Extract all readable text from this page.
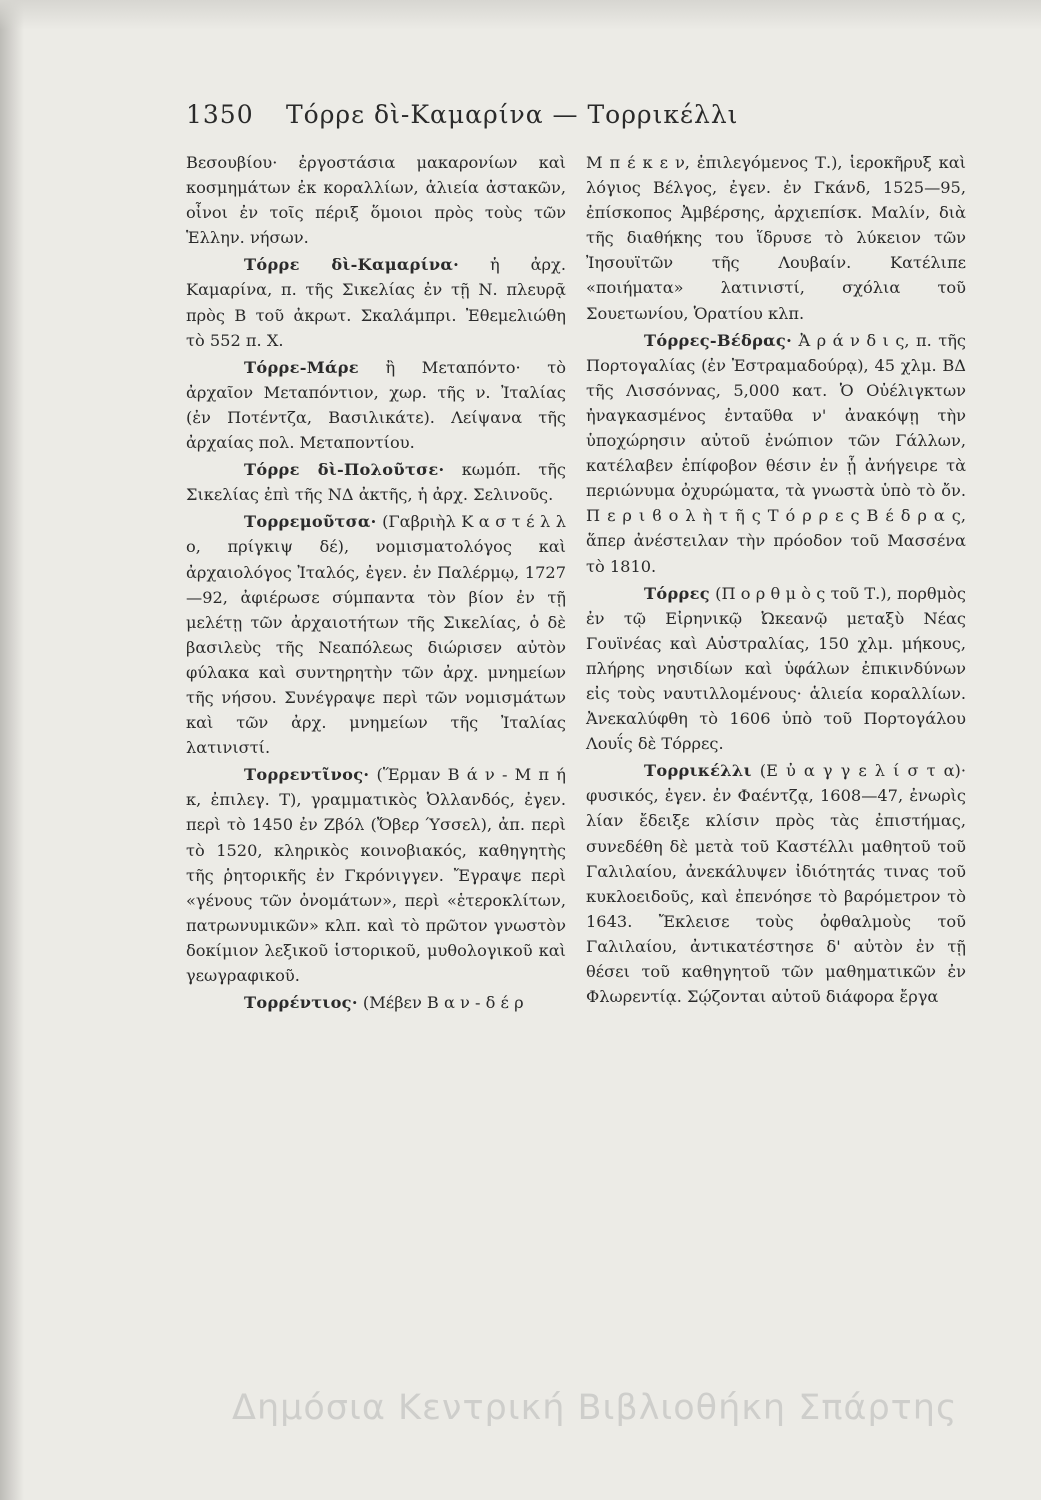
1350 Τόρρε δὶ-Καμαρίνα — Τορρικέλλι

Βεσουβίου· ἐργοστάσια μακαρονίων καὶ κοσμημάτων ἐκ κοραλλίων, ἁλιεία ἀστακῶν, οἶνοι ἐν τοῖς πέριξ ὅμοιοι πρὸς τοὺς τῶν Ἑλλην. νήσων.

Τόρρε δὶ-Καμαρίνα· ἡ ἀρχ. Καμαρίνα, π. τῆς Σικελίας ἐν τῇ Ν. πλευρᾷ πρὸς Β τοῦ ἀκρωτ. Σκαλάμπρι. Ἐθεμελιώθη τὸ 552 π. Χ.

Τόρρε-Μάρε ἢ Μεταπόντο· τὸ ἀρχαῖον Μεταπόντιον, χωρ. τῆς ν. Ἰταλίας (ἐν Ποτέντζα, Βασιλικάτε). Λείψανα τῆς ἀρχαίας πολ. Μεταποντίου.

Τόρρε δὶ-Πολοῦτσε· κωμόπ. τῆς Σικελίας ἐπὶ τῆς ΝΔ ἀκτῆς, ἡ ἀρχ. Σελινοῦς.

Τορρεμοῦτσα· (Γαβριὴλ Κ α σ τ έ λ λ ο, πρίγκιψ δέ), νομισματολόγος καὶ ἀρχαιολόγος Ἰταλός, ἐγεν. ἐν Παλέρμῳ, 1727—92, ἀφιέρωσε σύμπαντα τὸν βίον ἐν τῇ μελέτῃ τῶν ἀρχαιοτήτων τῆς Σικελίας, ὁ δὲ βασιλεὺς τῆς Νεαπόλεως διώρισεν αὐτὸν φύλακα καὶ συντηρητὴν τῶν ἀρχ. μνημείων τῆς νήσου. Συνέγραψε περὶ τῶν νομισμάτων καὶ τῶν ἀρχ. μνημείων τῆς Ἰταλίας λατινιστί.

Τορρεντῖνος· (Ἕρμαν Β ά ν - Μ π ή κ, ἐπιλεγ. Τ), γραμματικὸς Ὀλλανδός, ἐγεν. περὶ τὸ 1450 ἐν Ζβόλ (Ὄβερ Ύσσελ), ἀπ. περὶ τὸ 1520, κληρικὸς κοινοβιακός, καθηγητὴς τῆς ῥητορικῆς ἐν Γκρόνιγγεν. Ἔγραψε περὶ «γένους τῶν ὀνομάτων», περὶ «ἑτεροκλίτων, πατρωνυμικῶν» κλπ. καὶ τὸ πρῶτον γνωστὸν δοκίμιον λεξικοῦ ἱστορικοῦ, μυθολογικοῦ καὶ γεωγραφικοῦ.

Τορρέντιος· (Μέβεν Β α ν - δ έ ρ

Μ π έ κ ε ν, ἐπιλεγόμενος Τ.), ἱεροκῆρυξ καὶ λόγιος Βέλγος, ἐγεν. ἐν Γκάνδ, 1525—95, ἐπίσκοπος Ἀμβέρσης, ἀρχιεπίσκ. Μαλίν, διὰ τῆς διαθήκης του ἵδρυσε τὸ λύκειον τῶν Ἰησουϊτῶν τῆς Λουβαίν. Κατέλιπε «ποιήματα» λατινιστί, σχόλια τοῦ Σουετωνίου, Ὁρατίου κλπ.

Τόρρες-Βέδρας· Ἀ ρ ά ν δ ι ς, π. τῆς Πορτογαλίας (ἐν Ἐστραμαδούρᾳ), 45 χλμ. ΒΔ τῆς Λισσόννας, 5,000 κατ. Ὁ Οὐέλιγκτων ἠναγκασμένος ἐνταῦθα ν' ἀνακόψῃ τὴν ὑποχώρησιν αὐτοῦ ἐνώπιον τῶν Γάλλων, κατέλαβεν ἐπίφοβον θέσιν ἐν ᾗ ἀνήγειρε τὰ περιώνυμα ὀχυρώματα, τὰ γνωστὰ ὑπὸ τὸ ὄν. Π ε ρ ι ϐ ο λ ὴ τ ῆ ς Τ ό ρ ρ ε ς Β έ δ ρ α ς, ἅπερ ἀνέστειλαν τὴν πρόοδον τοῦ Μασσένα τὸ 1810.

Τόρρες (Π ο ρ θ μ ὸ ς τοῦ Τ.), πορθμὸς ἐν τῷ Εἰρηνικῷ Ὠκεανῷ μεταξὺ Νέας Γουϊνέας καὶ Αὐστραλίας, 150 χλμ. μήκους, πλήρης νησιδίων καὶ ὑφάλων ἐπικινδύνων εἰς τοὺς ναυτιλλομένους· ἁλιεία κοραλλίων. Ἀνεκαλύφθη τὸ 1606 ὑπὸ τοῦ Πορτογάλου Λουΐς δὲ Τόρρες.

Τορρικέλλι (Ε ὐ α γ γ ε λ ί σ τ α)· φυσικός, ἐγεν. ἐν Φαέντζᾳ, 1608—47, ἐνωρὶς λίαν ἔδειξε κλίσιν πρὸς τὰς ἐπιστήμας, συνεδέθη δὲ μετὰ τοῦ Καστέλλι μαθητοῦ τοῦ Γαλιλαίου, ἀνεκάλυψεν ἰδιότητάς τινας τοῦ κυκλοειδοῦς, καὶ ἐπενόησε τὸ βαρόμετρον τὸ 1643. Ἔκλεισε τοὺς ὀφθαλμοὺς τοῦ Γαλιλαίου, ἀντικατέστησε δ' αὐτὸν ἐν τῇ θέσει τοῦ καθηγητοῦ τῶν μαθηματικῶν ἐν Φλωρεντίᾳ. Σῴζονται αὐτοῦ διάφορα ἔργα

Δημόσια Κεντρική Βιβλιοθήκη Σπάρτης
